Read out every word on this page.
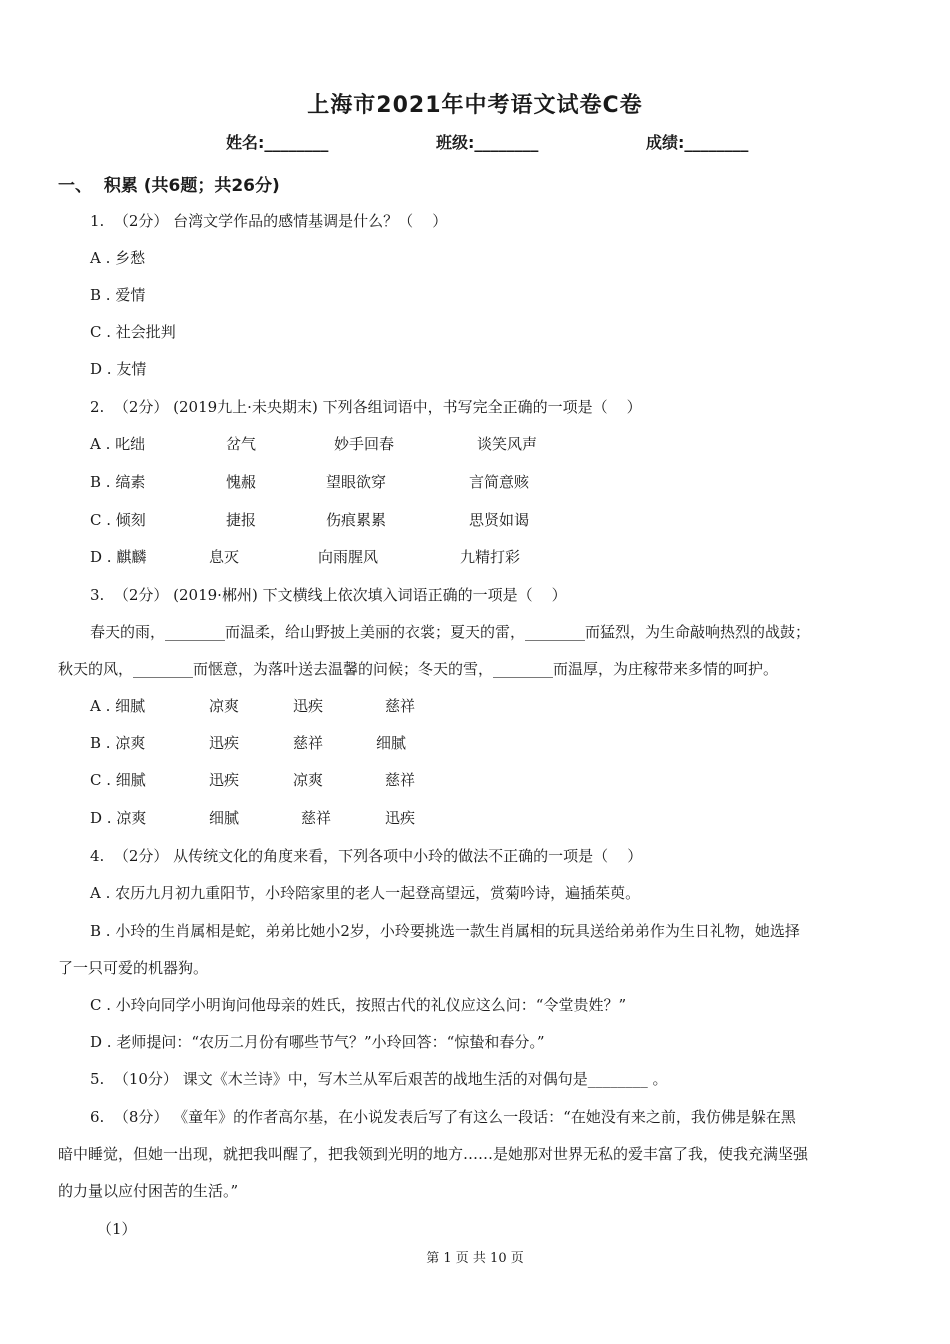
上海市2021年中考语文试卷C卷
姓名:________	班级:________	成绩:________
一、  积累 (共6题；共26分)
1.  （2分） 台湾文学作品的感情基调是什么？（    ）
A . 乡愁
B . 爱情
C . 社会批判
D . 友情
2.  （2分） (2019九上·未央期末) 下列各组词语中，书写完全正确的一项是（    ）
A . 叱绌	岔气	妙手回春	谈笑风声
B . 缟素	愧赧	望眼欲穿	言简意赅
C . 倾刻	捷报	伤痕累累	思贤如谒
D . 麒麟	息灭	向雨腥风	九精打彩
3.  （2分） (2019·郴州) 下文横线上依次填入词语正确的一项是（    ）
春天的雨，________而温柔，给山野披上美丽的衣裳；夏天的雷，________而猛烈，为生命敲响热烈的战鼓；
秋天的风，________而惬意，为落叶送去温馨的问候；冬天的雪，________而温厚，为庄稼带来多情的呵护。
A . 细腻	凉爽	迅疾	慈祥
B . 凉爽	迅疾	慈祥	细腻
C . 细腻	迅疾	凉爽	慈祥
D . 凉爽	细腻	慈祥	迅疾
4.  （2分） 从传统文化的角度来看，下列各项中小玲的做法不正确的一项是（    ）
A . 农历九月初九重阳节，小玲陪家里的老人一起登高望远，赏菊吟诗，遍插茱萸。
B . 小玲的生肖属相是蛇，弟弟比她小2岁，小玲要挑选一款生肖属相的玩具送给弟弟作为生日礼物，她选择
了一只可爱的机器狗。
C . 小玲向同学小明询问他母亲的姓氏，按照古代的礼仪应这么问：“令堂贵姓？”
D . 老师提问：“农历二月份有哪些节气？”小玲回答：“惊蛰和春分。”
5.  （10分） 课文《木兰诗》中，写木兰从军后艰苦的战地生活的对偶句是________ 。
6.  （8分） 《童年》的作者高尔基，在小说发表后写了有这么一段话：“在她没有来之前，我仿佛是躲在黑
暗中睡觉，但她一出现，就把我叫醒了，把我领到光明的地方……是她那对世界无私的爱丰富了我，使我充满坚强
的力量以应付困苦的生活。”
（1）
第 1 页 共 10 页
